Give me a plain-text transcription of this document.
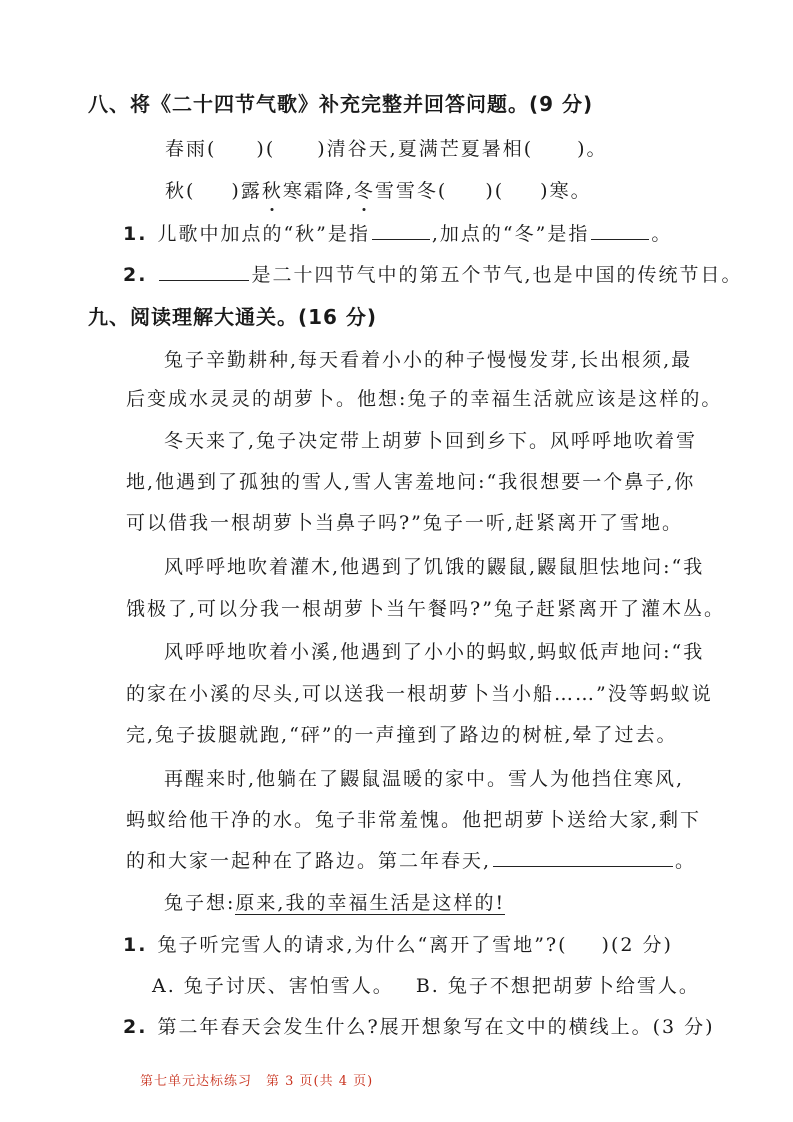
八、将《二十四节气歌》补充完整并回答问题。(9 分)
春雨( )( )清谷天,夏满芒夏暑相( )。
秋( )露秋寒霜降,冬雪雪冬( )( )寒。
1. 儿歌中加点的“秋”是指	,加点的“冬”是指	。
2.	是二十四节气中的第五个节气,也是中国的传统节日。
九、阅读理解大通关。(16 分)
兔子辛勤耕种,每天看着小小的种子慢慢发芽,长出根须,最
后变成水灵灵的胡萝卜。他想:兔子的幸福生活就应该是这样的。
冬天来了,兔子决定带上胡萝卜回到乡下。风呼呼地吹着雪
地,他遇到了孤独的雪人,雪人害羞地问:“我很想要一个鼻子,你
可以借我一根胡萝卜当鼻子吗?”兔子一听,赶紧离开了雪地。
风呼呼地吹着灌木,他遇到了饥饿的鼹鼠,鼹鼠胆怯地问:“我
饿极了,可以分我一根胡萝卜当午餐吗?”兔子赶紧离开了灌木丛。
风呼呼地吹着小溪,他遇到了小小的蚂蚁,蚂蚁低声地问:“我
的家在小溪的尽头,可以送我一根胡萝卜当小船……”没等蚂蚁说
完,兔子拔腿就跑,“砰”的一声撞到了路边的树桩,晕了过去。
再醒来时,他躺在了鼹鼠温暖的家中。雪人为他挡住寒风,
蚂蚁给他干净的水。兔子非常羞愧。他把胡萝卜送给大家,剩下
的和大家一起种在了路边。第二年春天,	。
兔子想:原来,我的幸福生活是这样的!
1. 兔子听完雪人的请求,为什么“离开了雪地”?( )(2 分)
A. 兔子讨厌、害怕雪人。 B. 兔子不想把胡萝卜给雪人。
2. 第二年春天会发生什么?展开想象写在文中的横线上。(3 分)
第七单元达标练习 第 3 页(共 4 页)
